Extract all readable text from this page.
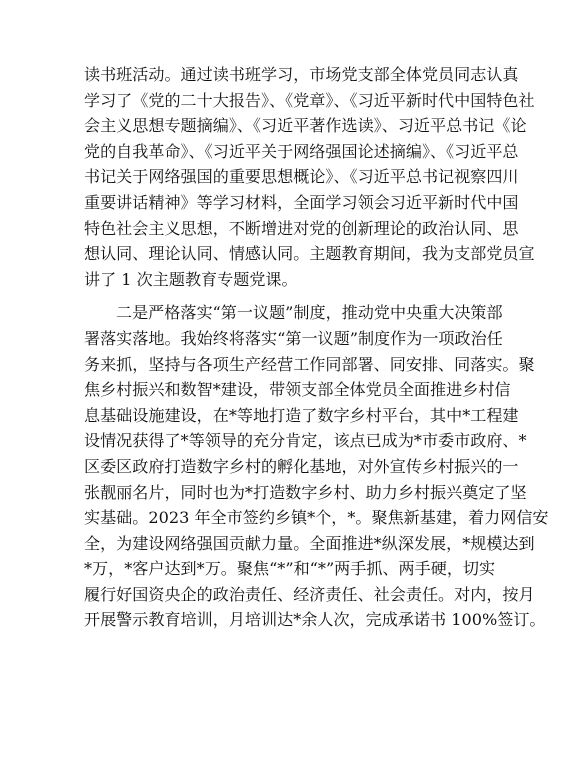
读书班活动。通过读书班学习，市场党支部全体党员同志认真
学习了《党的二十大报告》、《党章》、《习近平新时代中国特色社
会主义思想专题摘编》、《习近平著作选读》、习近平总书记《论
党的自我革命》、《习近平关于网络强国论述摘编》、《习近平总
书记关于网络强国的重要思想概论》、《习近平总书记视察四川
重要讲话精神》等学习材料，全面学习领会习近平新时代中国
特色社会主义思想，不断增进对党的创新理论的政治认同、思
想认同、理论认同、情感认同。主题教育期间，我为支部党员宣
讲了 1 次主题教育专题党课。
二是严格落实“第一议题”制度，推动党中央重大决策部
署落实落地。我始终将落实“第一议题”制度作为一项政治任
务来抓，坚持与各项生产经营工作同部署、同安排、同落实。聚
焦乡村振兴和数智*建设，带领支部全体党员全面推进乡村信
息基础设施建设，在*等地打造了数字乡村平台，其中*工程建
设情况获得了*等领导的充分肯定，该点已成为*市委市政府、*
区委区政府打造数字乡村的孵化基地，对外宣传乡村振兴的一
张靓丽名片，同时也为*打造数字乡村、助力乡村振兴奠定了坚
实基础。2023 年全市签约乡镇*个，*。聚焦新基建，着力网信安
全，为建设网络强国贡献力量。全面推进*纵深发展，*规模达到
*万，*客户达到*万。聚焦“*”和“*”两手抓、两手硬，切实
履行好国资央企的政治责任、经济责任、社会责任。对内，按月
开展警示教育培训，月培训达*余人次，完成承诺书 100%签订。
